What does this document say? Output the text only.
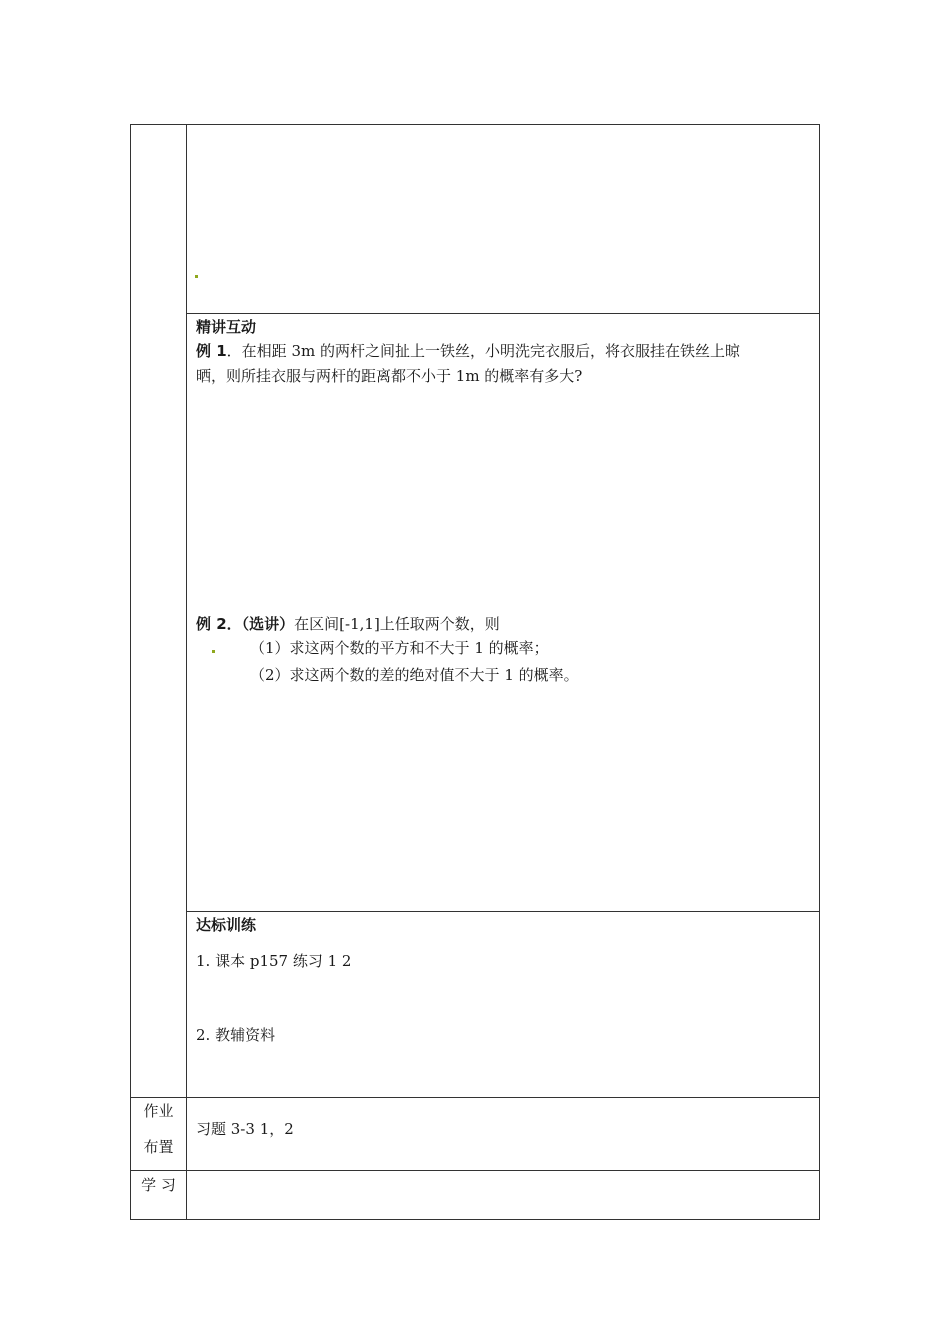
精讲互动
例 1．在相距 3m 的两杆之间扯上一铁丝，小明洗完衣服后，将衣服挂在铁丝上晾
晒，则所挂衣服与两杆的距离都不小于 1m 的概率有多大?
例 2．（选讲）在区间[-1,1]上任取两个数，则
（1）求这两个数的平方和不大于 1 的概率；
（2）求这两个数的差的绝对值不大于 1 的概率。
达标训练
1. 课本 p157 练习 1 2
2. 教辅资料
作业
布置
习题 3-3 1，2
学 习
